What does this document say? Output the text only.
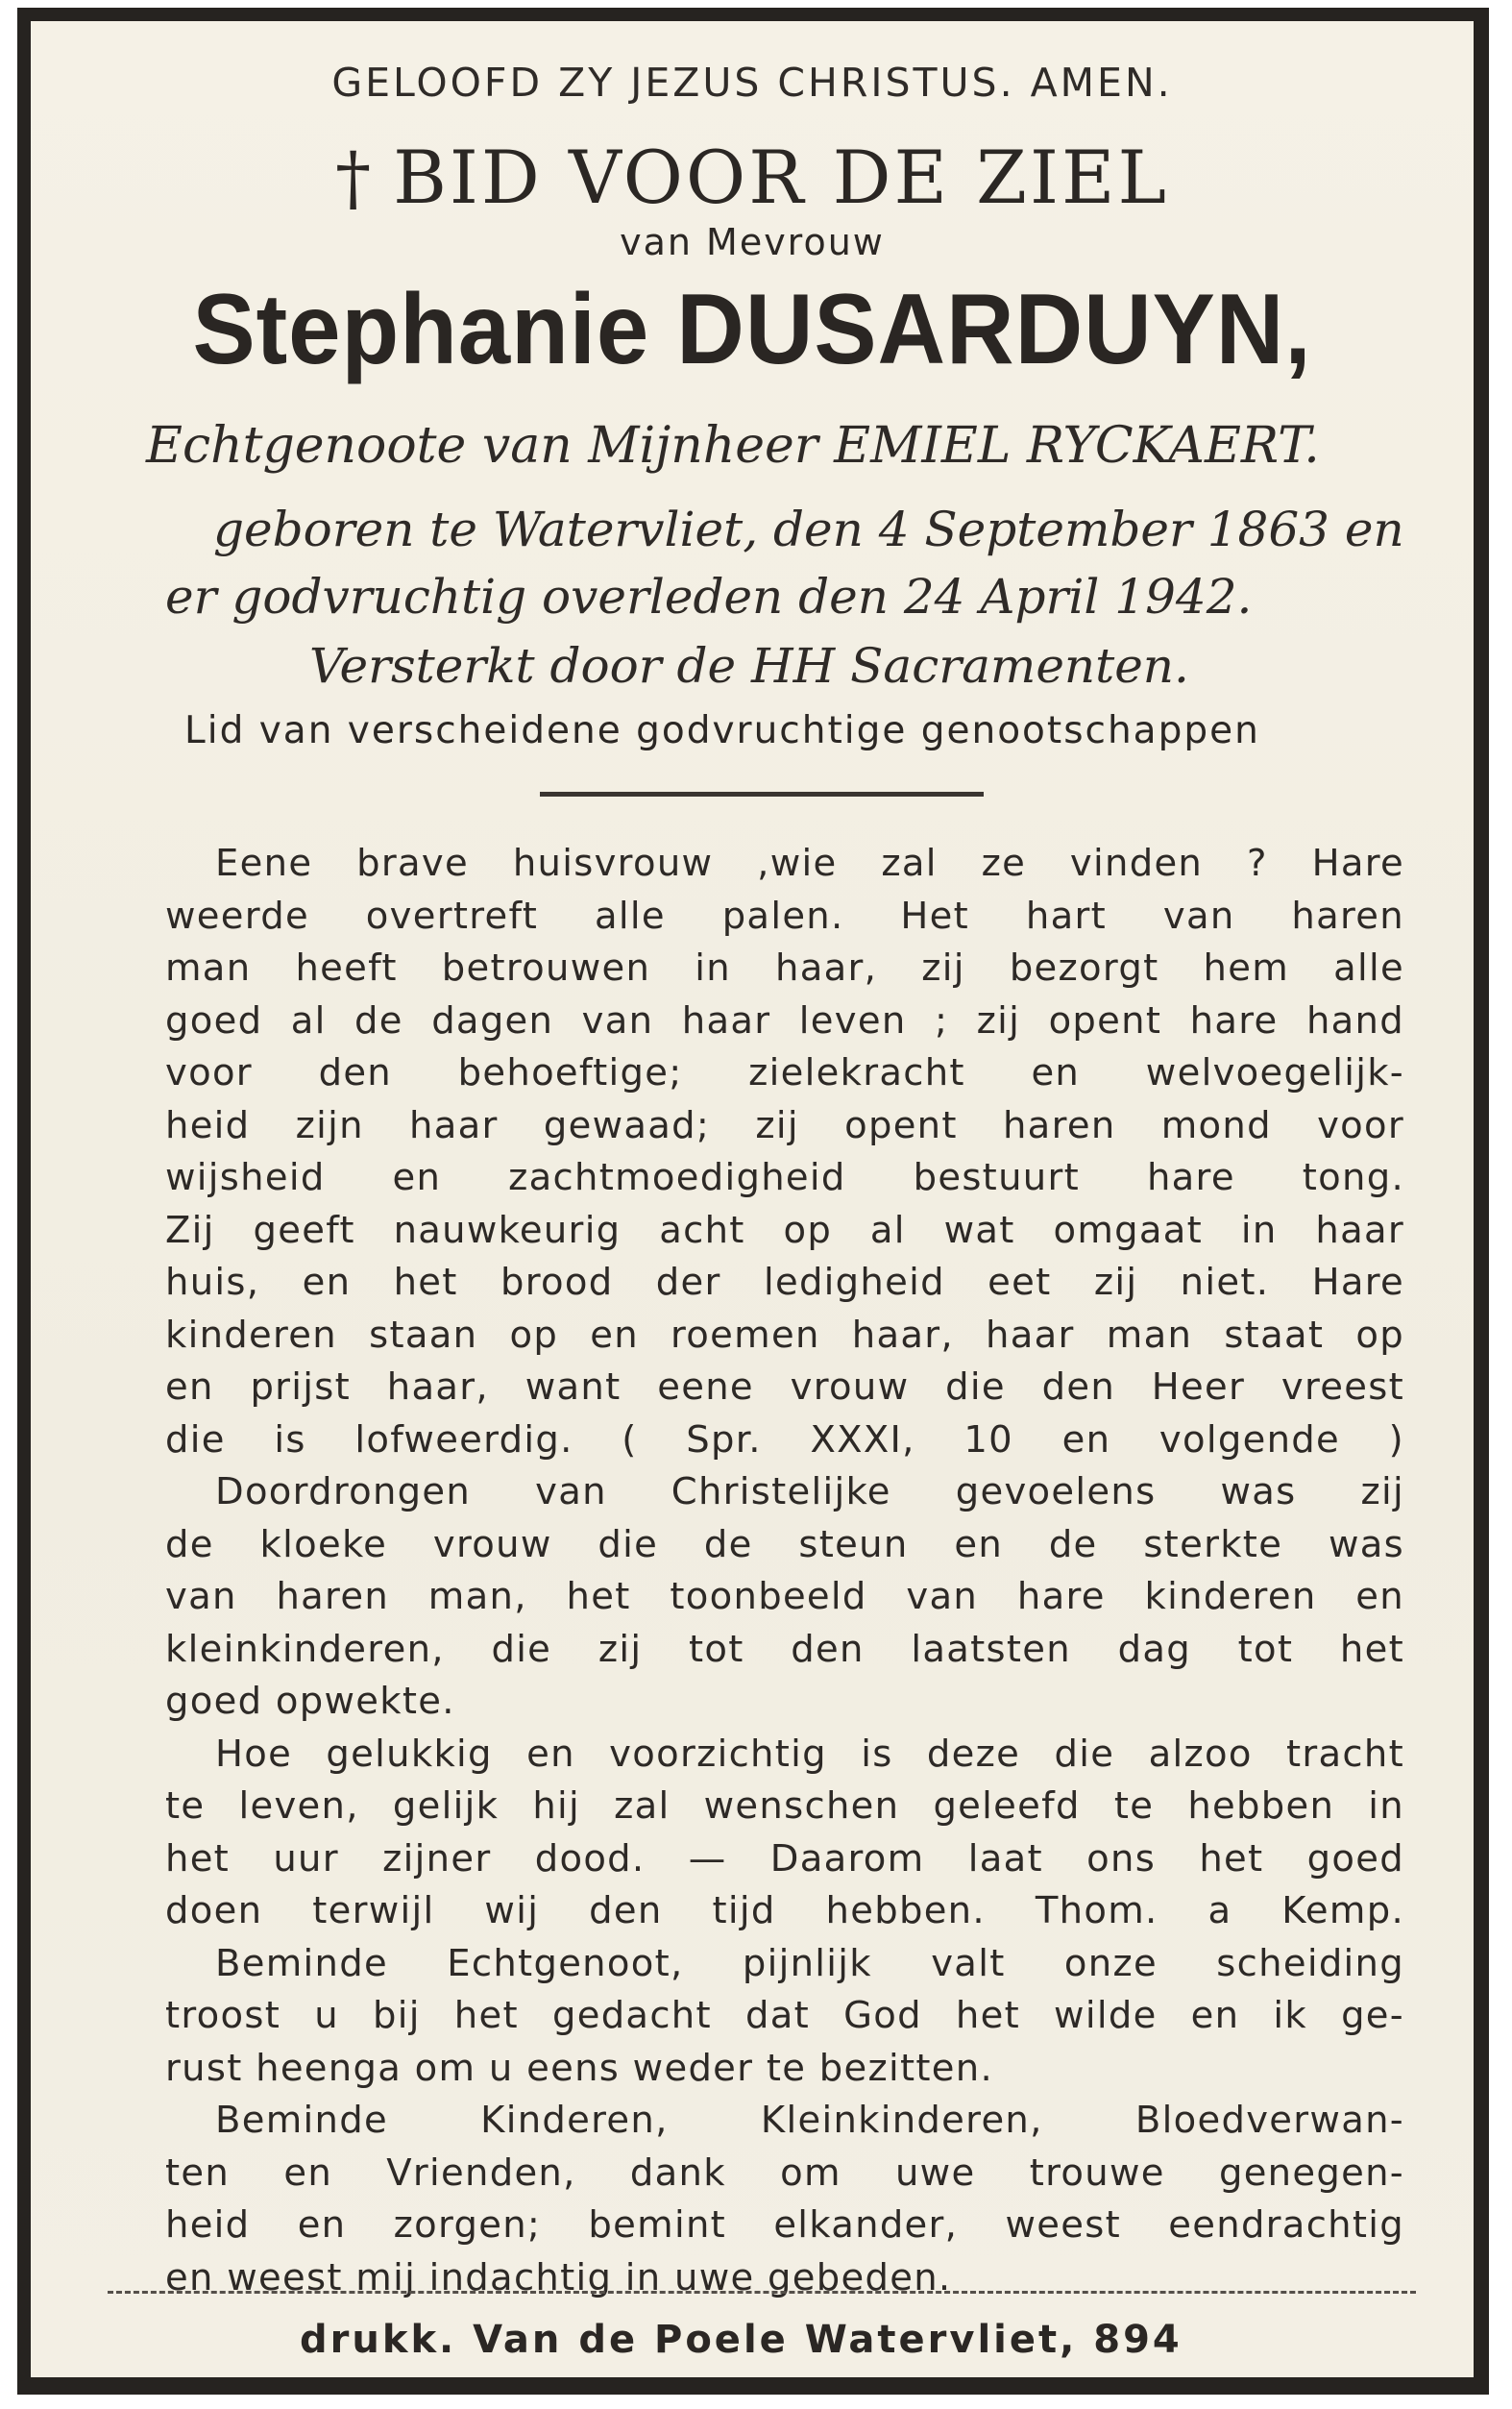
GELOOFD ZY JEZUS CHRISTUS. AMEN.
† BID VOOR DE ZIEL
van Mevrouw
Stephanie DUSARDUYN,
Echtgenoote van Mijnheer EMIEL RYCKAERT.
geboren te Watervliet, den 4 September 1863 en
er godvruchtig overleden den 24 April 1942.
Versterkt door de HH Sacramenten.
Lid van verscheidene godvruchtige genootschappen
Eene brave huisvrouw ,wie zal ze vinden ? Hare
weerde overtreft alle palen. Het hart van haren
man heeft betrouwen in haar, zij bezorgt hem alle
goed al de dagen van haar leven ; zij opent hare hand
voor den behoeftige; zielekracht en welvoegelijk-
heid zijn haar gewaad; zij opent haren mond voor
wijsheid en zachtmoedigheid bestuurt hare tong.
Zij geeft nauwkeurig acht op al wat omgaat in haar
huis, en het brood der ledigheid eet zij niet. Hare
kinderen staan op en roemen haar, haar man staat op
en prijst haar, want eene vrouw die den Heer vreest
die is lofweerdig. ( Spr. XXXI, 10 en volgende )
Doordrongen van Christelijke gevoelens was zij
de kloeke vrouw die de steun en de sterkte was
van haren man, het toonbeeld van hare kinderen en
kleinkinderen, die zij tot den laatsten dag tot het
goed opwekte.
Hoe gelukkig en voorzichtig is deze die alzoo tracht
te leven, gelijk hij zal wenschen geleefd te hebben in
het uur zijner dood. — Daarom laat ons het goed
doen terwijl wij den tijd hebben. Thom. a Kemp.
Beminde Echtgenoot, pijnlijk valt onze scheiding
troost u bij het gedacht dat God het wilde en ik ge-
rust heenga om u eens weder te bezitten.
Beminde Kinderen, Kleinkinderen, Bloedverwan-
ten en Vrienden, dank om uwe trouwe genegen-
heid en zorgen; bemint elkander, weest eendrachtig
en weest mij indachtig in uwe gebeden.
drukk. Van de Poele Watervliet, 894
